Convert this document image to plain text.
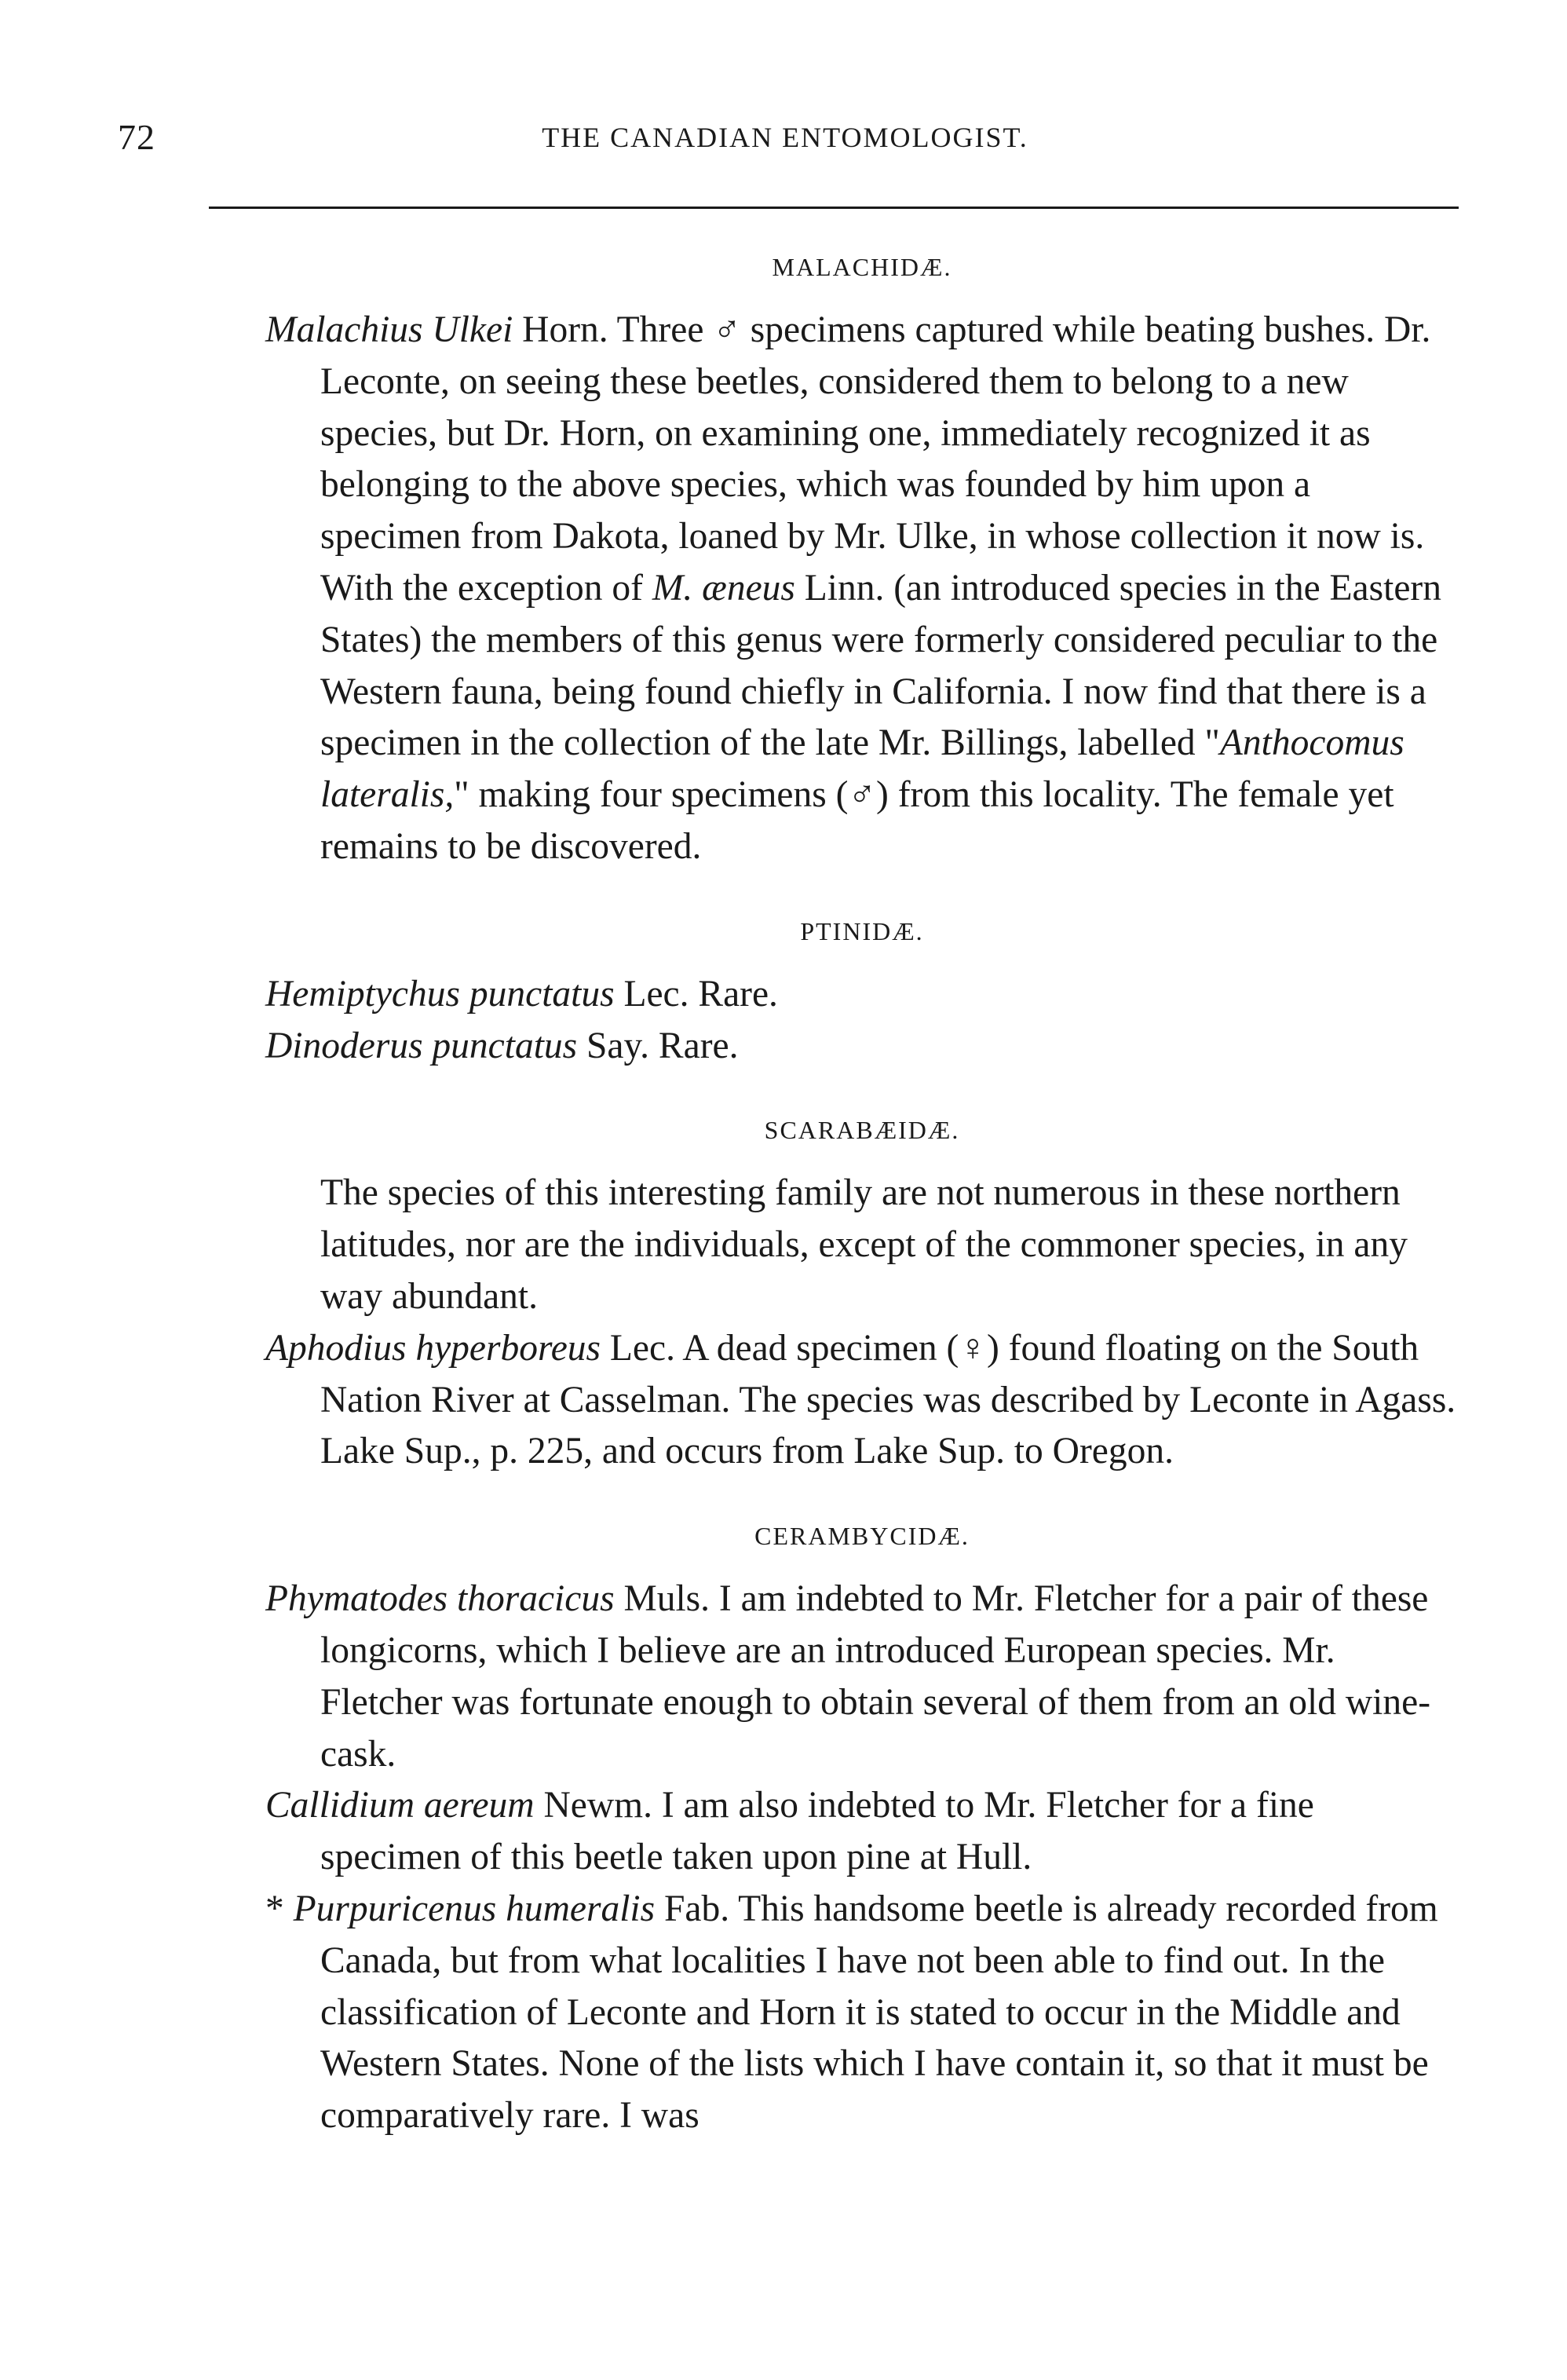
72	THE CANADIAN ENTOMOLOGIST.
MALACHIDÆ.

Malachius Ulkei Horn. Three ♂ specimens captured while beating bushes. Dr. Leconte, on seeing these beetles, considered them to belong to a new species, but Dr. Horn, on examining one, immediately recognized it as belonging to the above species, which was founded by him upon a specimen from Dakota, loaned by Mr. Ulke, in whose collection it now is. With the exception of M. æneus Linn. (an introduced species in the Eastern States) the members of this genus were formerly considered peculiar to the Western fauna, being found chiefly in California. I now find that there is a specimen in the collection of the late Mr. Billings, labelled "Anthocomus lateralis," making four specimens (♂) from this locality. The female yet remains to be discovered.

PTINIDÆ.

Hemiptychus punctatus Lec. Rare.

Dinoderus punctatus Say. Rare.

SCARABÆIDÆ.

The species of this interesting family are not numerous in these northern latitudes, nor are the individuals, except of the commoner species, in any way abundant.

Aphodius hyperboreus Lec. A dead specimen (♀) found floating on the South Nation River at Casselman. The species was described by Leconte in Agass. Lake Sup., p. 225, and occurs from Lake Sup. to Oregon.

CERAMBYCIDÆ.

Phymatodes thoracicus Muls. I am indebted to Mr. Fletcher for a pair of these longicorns, which I believe are an introduced European species. Mr. Fletcher was fortunate enough to obtain several of them from an old wine-cask.

Callidium aereum Newm. I am also indebted to Mr. Fletcher for a fine specimen of this beetle taken upon pine at Hull.

* Purpuricenus humeralis Fab. This handsome beetle is already recorded from Canada, but from what localities I have not been able to find out. In the classification of Leconte and Horn it is stated to occur in the Middle and Western States. None of the lists which I have contain it, so that it must be comparatively rare. I was
